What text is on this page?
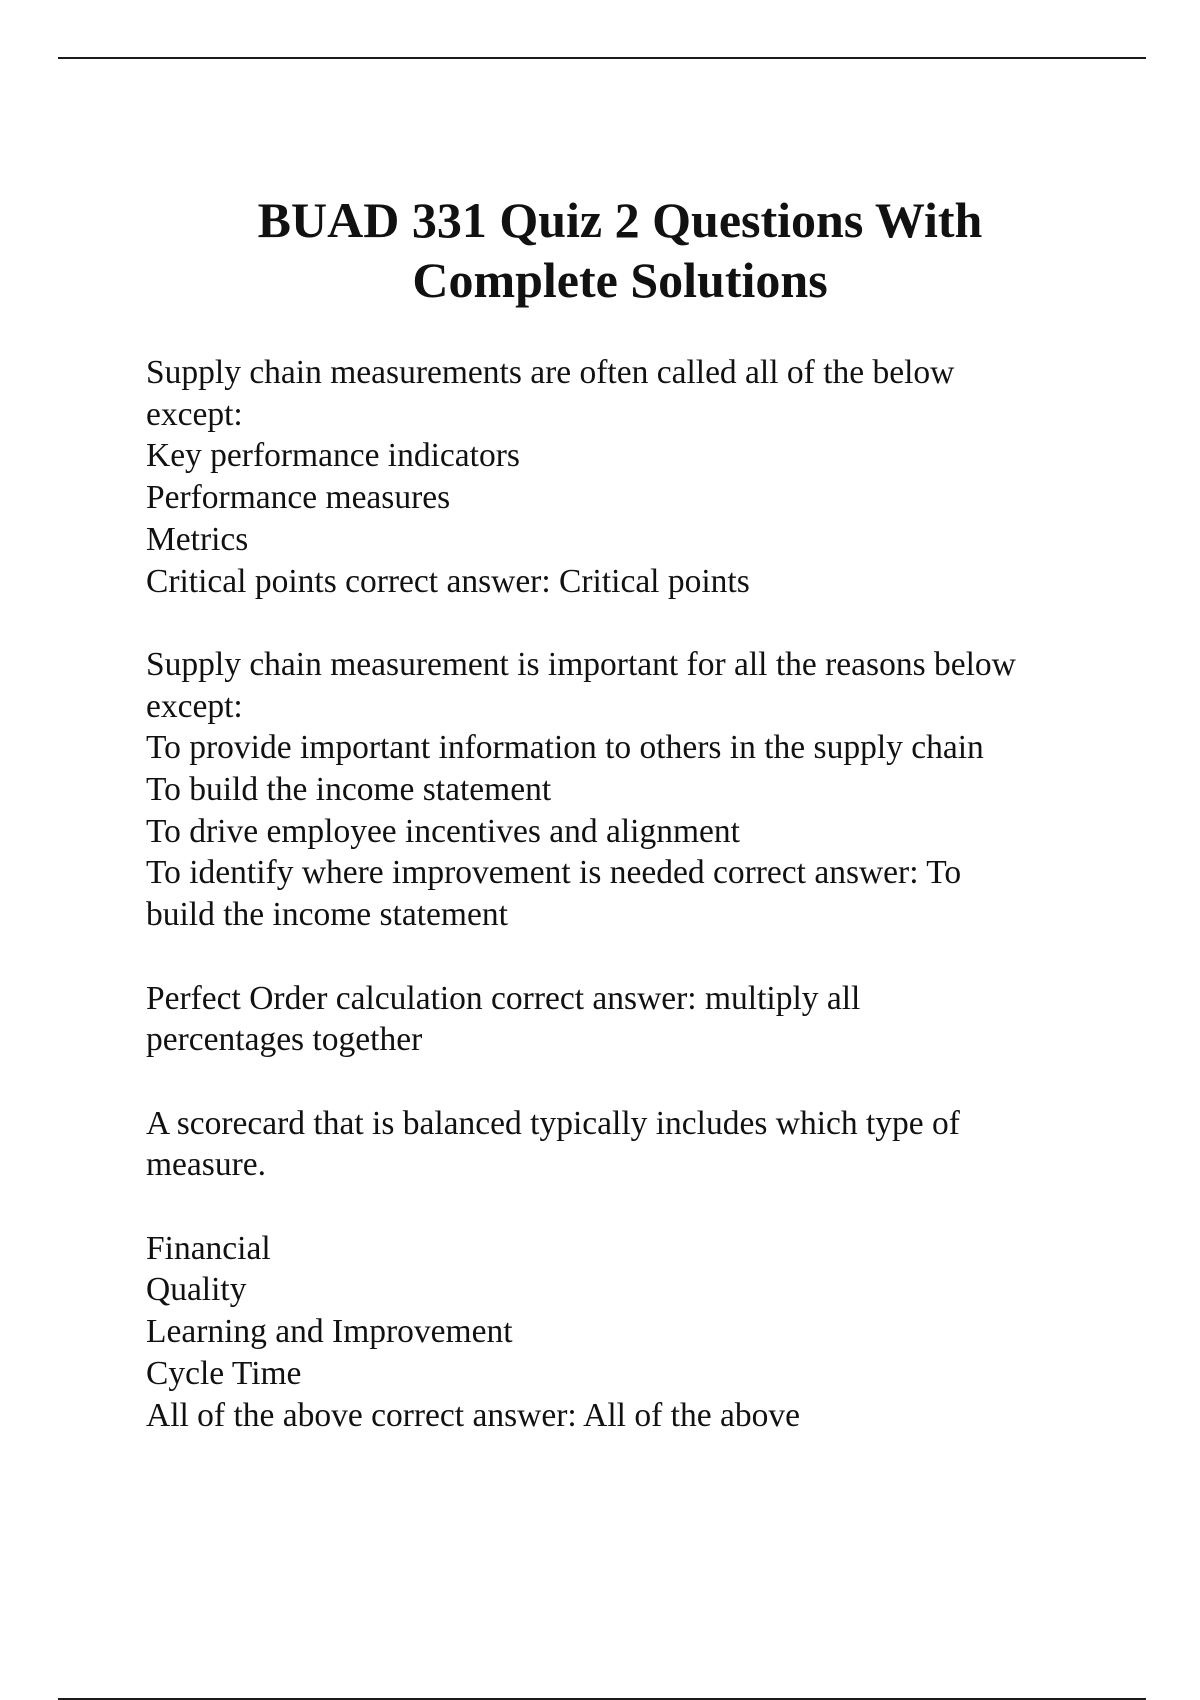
BUAD 331 Quiz 2 Questions With
Complete Solutions
Supply chain measurements are often called all of the below
except:
Key performance indicators
Performance measures
Metrics
Critical points correct answer: Critical points
Supply chain measurement is important for all the reasons below
except:
To provide important information to others in the supply chain
To build the income statement
To drive employee incentives and alignment
To identify where improvement is needed correct answer: To
build the income statement
Perfect Order calculation correct answer: multiply all
percentages together
A scorecard that is balanced typically includes which type of
measure.
Financial
Quality
Learning and Improvement
Cycle Time
All of the above correct answer: All of the above
